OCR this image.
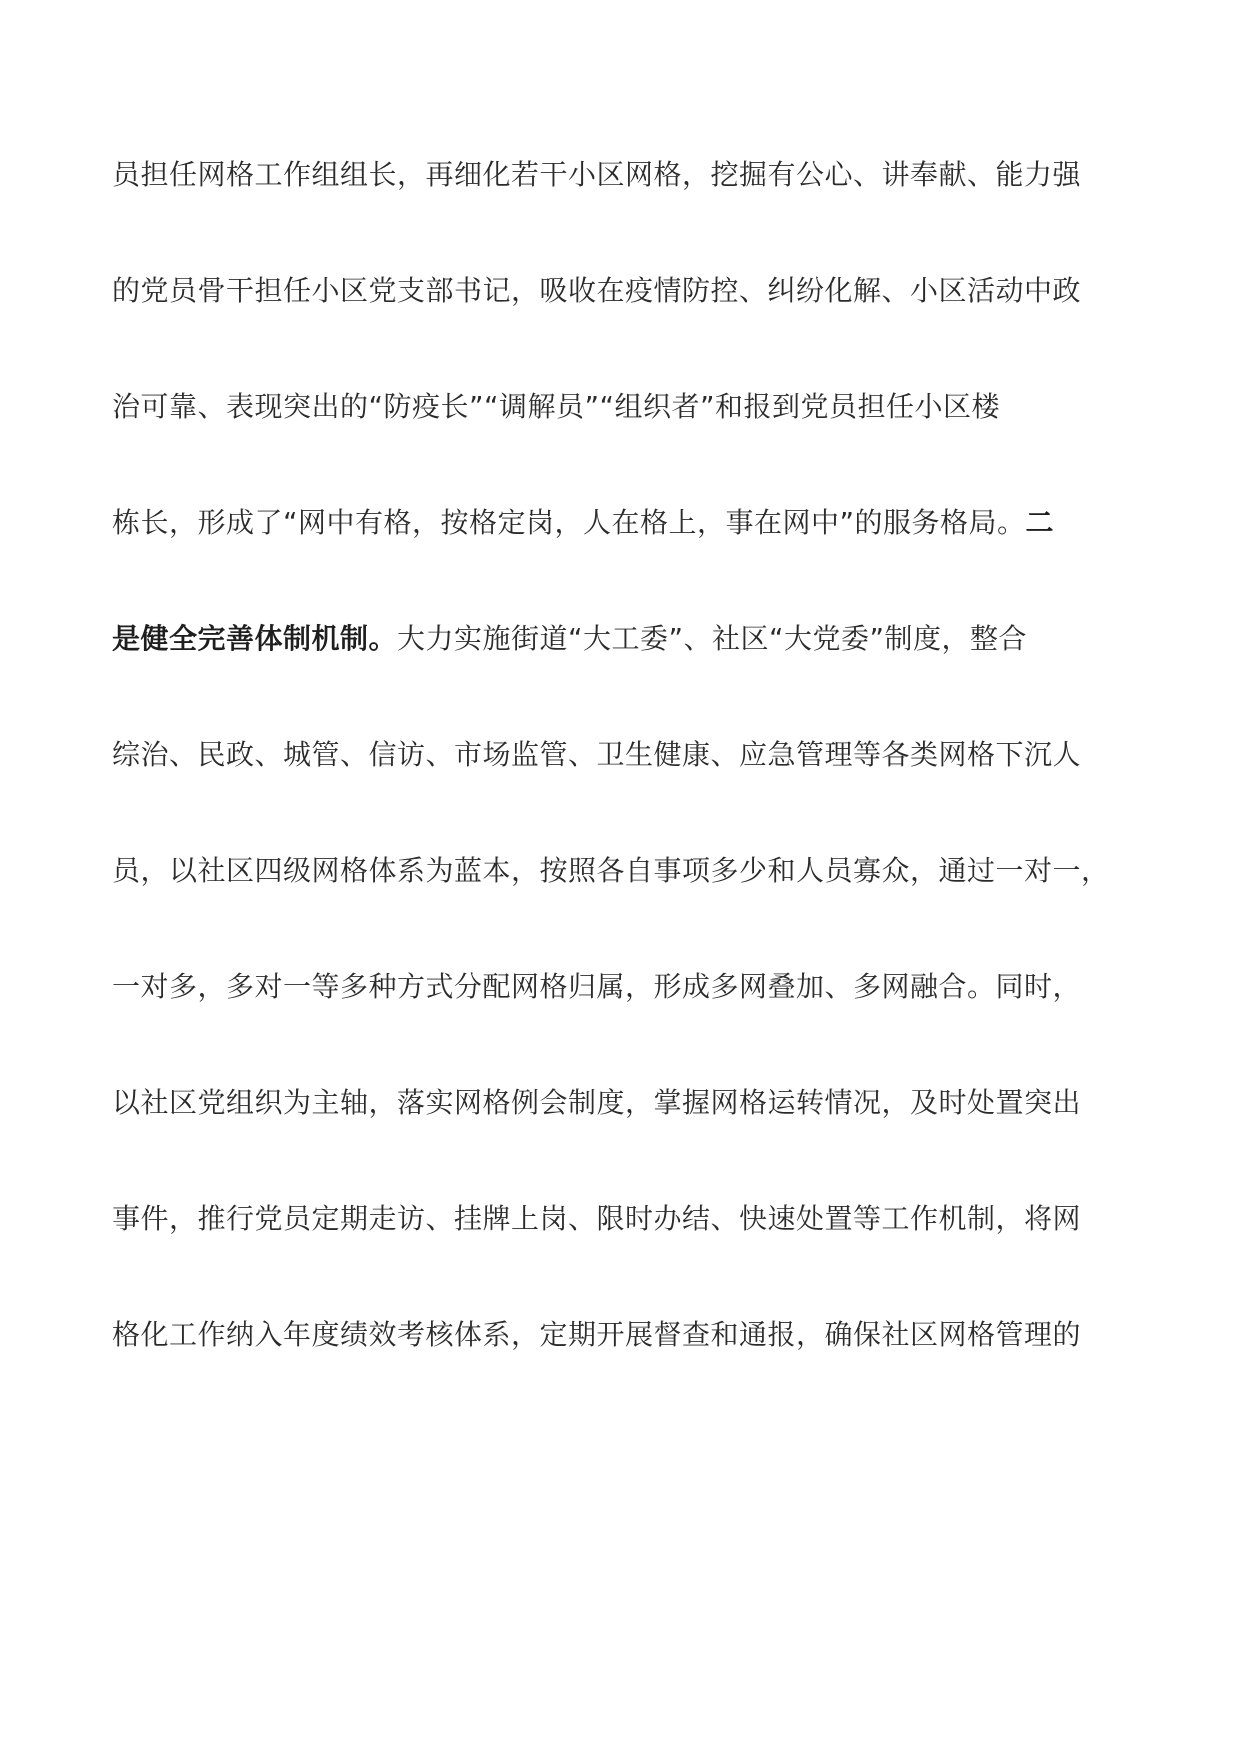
员担任网格工作组组长，再细化若干小区网格，挖掘有公心、讲奉献、能力强
的党员骨干担任小区党支部书记，吸收在疫情防控、纠纷化解、小区活动中政
治可靠、表现突出的“防疫长”“调解员”“组织者”和报到党员担任小区楼
栋长，形成了“网中有格，按格定岗，人在格上，事在网中”的服务格局。二
是健全完善体制机制。大力实施街道“大工委”、社区“大党委”制度，整合
综治、民政、城管、信访、市场监管、卫生健康、应急管理等各类网格下沉人
员，以社区四级网格体系为蓝本，按照各自事项多少和人员寡众，通过一对一，
一对多，多对一等多种方式分配网格归属，形成多网叠加、多网融合。同时，
以社区党组织为主轴，落实网格例会制度，掌握网格运转情况，及时处置突出
事件，推行党员定期走访、挂牌上岗、限时办结、快速处置等工作机制，将网
格化工作纳入年度绩效考核体系，定期开展督查和通报，确保社区网格管理的
